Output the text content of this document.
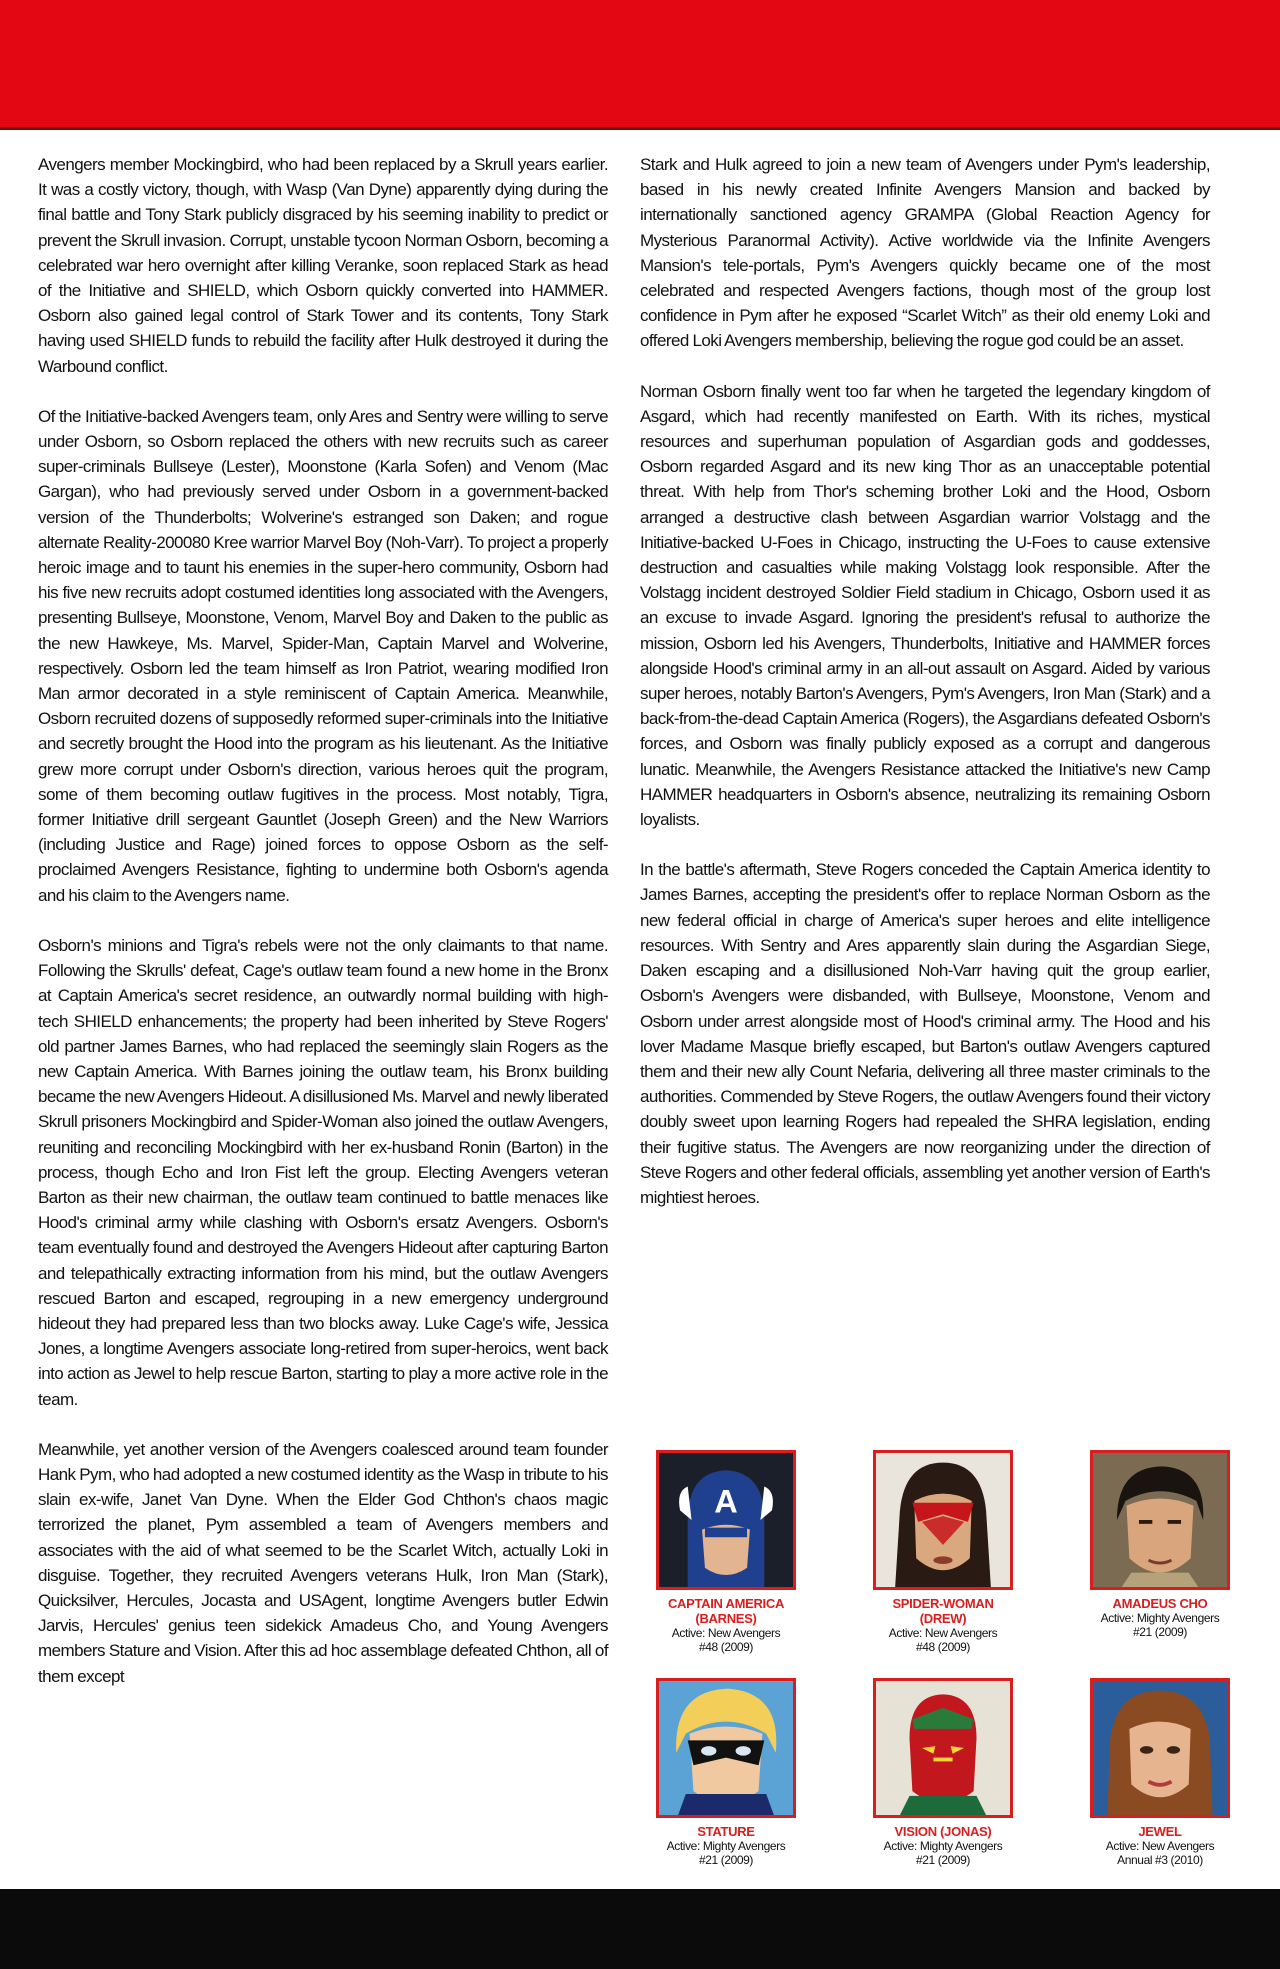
Avengers member Mockingbird, who had been replaced by a Skrull years earlier. It was a costly victory, though, with Wasp (Van Dyne) apparently dying during the final battle and Tony Stark publicly disgraced by his seeming inability to predict or prevent the Skrull invasion. Corrupt, unstable tycoon Norman Osborn, becoming a celebrated war hero overnight after killing Veranke, soon replaced Stark as head of the Initiative and SHIELD, which Osborn quickly converted into HAMMER. Osborn also gained legal control of Stark Tower and its contents, Tony Stark having used SHIELD funds to rebuild the facility after Hulk destroyed it during the Warbound conflict.

Of the Initiative-backed Avengers team, only Ares and Sentry were willing to serve under Osborn, so Osborn replaced the others with new recruits such as career super-criminals Bullseye (Lester), Moonstone (Karla Sofen) and Venom (Mac Gargan), who had previously served under Osborn in a government-backed version of the Thunderbolts; Wolverine's estranged son Daken; and rogue alternate Reality-200080 Kree warrior Marvel Boy (Noh-Varr). To project a properly heroic image and to taunt his enemies in the super-hero community, Osborn had his five new recruits adopt costumed identities long associated with the Avengers, presenting Bullseye, Moonstone, Venom, Marvel Boy and Daken to the public as the new Hawkeye, Ms. Marvel, Spider-Man, Captain Marvel and Wolverine, respectively. Osborn led the team himself as Iron Patriot, wearing modified Iron Man armor decorated in a style reminiscent of Captain America. Meanwhile, Osborn recruited dozens of supposedly reformed super-criminals into the Initiative and secretly brought the Hood into the program as his lieutenant. As the Initiative grew more corrupt under Osborn's direction, various heroes quit the program, some of them becoming outlaw fugitives in the process. Most notably, Tigra, former Initiative drill sergeant Gauntlet (Joseph Green) and the New Warriors (including Justice and Rage) joined forces to oppose Osborn as the self-proclaimed Avengers Resistance, fighting to undermine both Osborn's agenda and his claim to the Avengers name.

Osborn's minions and Tigra's rebels were not the only claimants to that name. Following the Skrulls' defeat, Cage's outlaw team found a new home in the Bronx at Captain America's secret residence, an outwardly normal building with high-tech SHIELD enhancements; the property had been inherited by Steve Rogers' old partner James Barnes, who had replaced the seemingly slain Rogers as the new Captain America. With Barnes joining the outlaw team, his Bronx building became the new Avengers Hideout. A disillusioned Ms. Marvel and newly liberated Skrull prisoners Mockingbird and Spider-Woman also joined the outlaw Avengers, reuniting and reconciling Mockingbird with her ex-husband Ronin (Barton) in the process, though Echo and Iron Fist left the group. Electing Avengers veteran Barton as their new chairman, the outlaw team continued to battle menaces like Hood's criminal army while clashing with Osborn's ersatz Avengers. Osborn's team eventually found and destroyed the Avengers Hideout after capturing Barton and telepathically extracting information from his mind, but the outlaw Avengers rescued Barton and escaped, regrouping in a new emergency underground hideout they had prepared less than two blocks away. Luke Cage's wife, Jessica Jones, a longtime Avengers associate long-retired from super-heroics, went back into action as Jewel to help rescue Barton, starting to play a more active role in the team.

Meanwhile, yet another version of the Avengers coalesced around team founder Hank Pym, who had adopted a new costumed identity as the Wasp in tribute to his slain ex-wife, Janet Van Dyne. When the Elder God Chthon's chaos magic terrorized the planet, Pym assembled a team of Avengers members and associates with the aid of what seemed to be the Scarlet Witch, actually Loki in disguise. Together, they recruited Avengers veterans Hulk, Iron Man (Stark), Quicksilver, Hercules, Jocasta and USAgent, longtime Avengers butler Edwin Jarvis, Hercules' genius teen sidekick Amadeus Cho, and Young Avengers members Stature and Vision. After this ad hoc assemblage defeated Chthon, all of them except

Stark and Hulk agreed to join a new team of Avengers under Pym's leadership, based in his newly created Infinite Avengers Mansion and backed by internationally sanctioned agency GRAMPA (Global Reaction Agency for Mysterious Paranormal Activity). Active worldwide via the Infinite Avengers Mansion's tele-portals, Pym's Avengers quickly became one of the most celebrated and respected Avengers factions, though most of the group lost confidence in Pym after he exposed “Scarlet Witch” as their old enemy Loki and offered Loki Avengers membership, believing the rogue god could be an asset.

Norman Osborn finally went too far when he targeted the legendary kingdom of Asgard, which had recently manifested on Earth. With its riches, mystical resources and superhuman population of Asgardian gods and goddesses, Osborn regarded Asgard and its new king Thor as an unacceptable potential threat. With help from Thor's scheming brother Loki and the Hood, Osborn arranged a destructive clash between Asgardian warrior Volstagg and the Initiative-backed U-Foes in Chicago, instructing the U-Foes to cause extensive destruction and casualties while making Volstagg look responsible. After the Volstagg incident destroyed Soldier Field stadium in Chicago, Osborn used it as an excuse to invade Asgard. Ignoring the president's refusal to authorize the mission, Osborn led his Avengers, Thunderbolts, Initiative and HAMMER forces alongside Hood's criminal army in an all-out assault on Asgard. Aided by various super heroes, notably Barton's Avengers, Pym's Avengers, Iron Man (Stark) and a back-from-the-dead Captain America (Rogers), the Asgardians defeated Osborn's forces, and Osborn was finally publicly exposed as a corrupt and dangerous lunatic. Meanwhile, the Avengers Resistance attacked the Initiative's new Camp HAMMER headquarters in Osborn's absence, neutralizing its remaining Osborn loyalists.

In the battle's aftermath, Steve Rogers conceded the Captain America identity to James Barnes, accepting the president's offer to replace Norman Osborn as the new federal official in charge of America's super heroes and elite intelligence resources. With Sentry and Ares apparently slain during the Asgardian Siege, Daken escaping and a disillusioned Noh-Varr having quit the group earlier, Osborn's Avengers were disbanded, with Bullseye, Moonstone, Venom and Osborn under arrest alongside most of Hood's criminal army. The Hood and his lover Madame Masque briefly escaped, but Barton's outlaw Avengers captured them and their new ally Count Nefaria, delivering all three master criminals to the authorities. Commended by Steve Rogers, the outlaw Avengers found their victory doubly sweet upon learning Rogers had repealed the SHRA legislation, ending their fugitive status. The Avengers are now reorganizing under the direction of Steve Rogers and other federal officials, assembling yet another version of Earth's mightiest heroes.

A
CAPTAIN AMERICA
(BARNES)
Active: New Avengers
#48 (2009)
SPIDER-WOMAN
(DREW)
Active: New Avengers
#48 (2009)
AMADEUS CHO
Active: Mighty Avengers
#21 (2009)
STATURE
Active: Mighty Avengers
#21 (2009)
VISION (JONAS)
Active: Mighty Avengers
#21 (2009)
JEWEL
Active: New Avengers
Annual #3 (2010)
